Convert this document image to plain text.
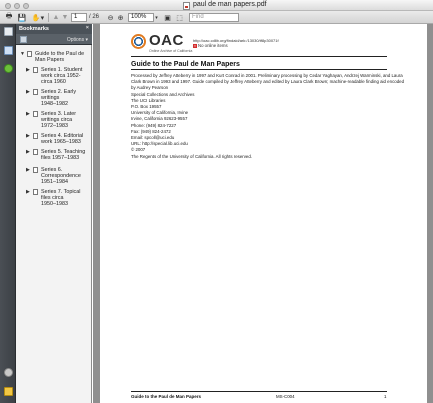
paul de man papers.pdf
🖶 💾 ✋▾ ▲ ▼ 1	/ 26 ⊖ ⊕	100%	▾ ▣ ⬚	Find
Bookmarks	×
Options ▾
▼ Guide to the Paul de
Man Papers
▶ Series 1. Student
work circa 1952-
circa 1960
▶ Series 2. Early
writings
1948–1982
▶ Series 3. Later
writings circa
1972–1983
▶ Series 4. Editorial
work 1965–1983
▶ Series 5. Teaching
files 1957–1983
▶ Series 6.
Correspondence
1951–1984
▶ Series 7. Topical
files circa
1950–1983
OAC
Online Archive of California
http://oac.cdlib.org/findaid/ark:/13030/tf8p30071f
× No online items
Guide to the Paul de Man Papers
Processed by Jeffrey Atteberry in 1997 and Kurt Conrad in 2001. Preliminary processing by Cedar Yaghayan, Andrzej Warminski, and Laura
Clark Brown in 1993 and 1997. Guide compiled by Jeffrey Atteberry and edited by Laura Clark Brown; machine-readable finding aid encoded
by Audrey Pearson
Special Collections and Archives
The UCI Libraries
P.O. Box 19557
University of California, Irvine
Irvine, California 92623-9557
Phone: (949) 824-7227
Fax: (949) 824-2472
Email: spcoll@uci.edu
URL: http://special.lib.uci.edu
© 2007
The Regents of the University of California. All rights reserved.
Guide to the Paul de Man Papers	MS-C004	1
